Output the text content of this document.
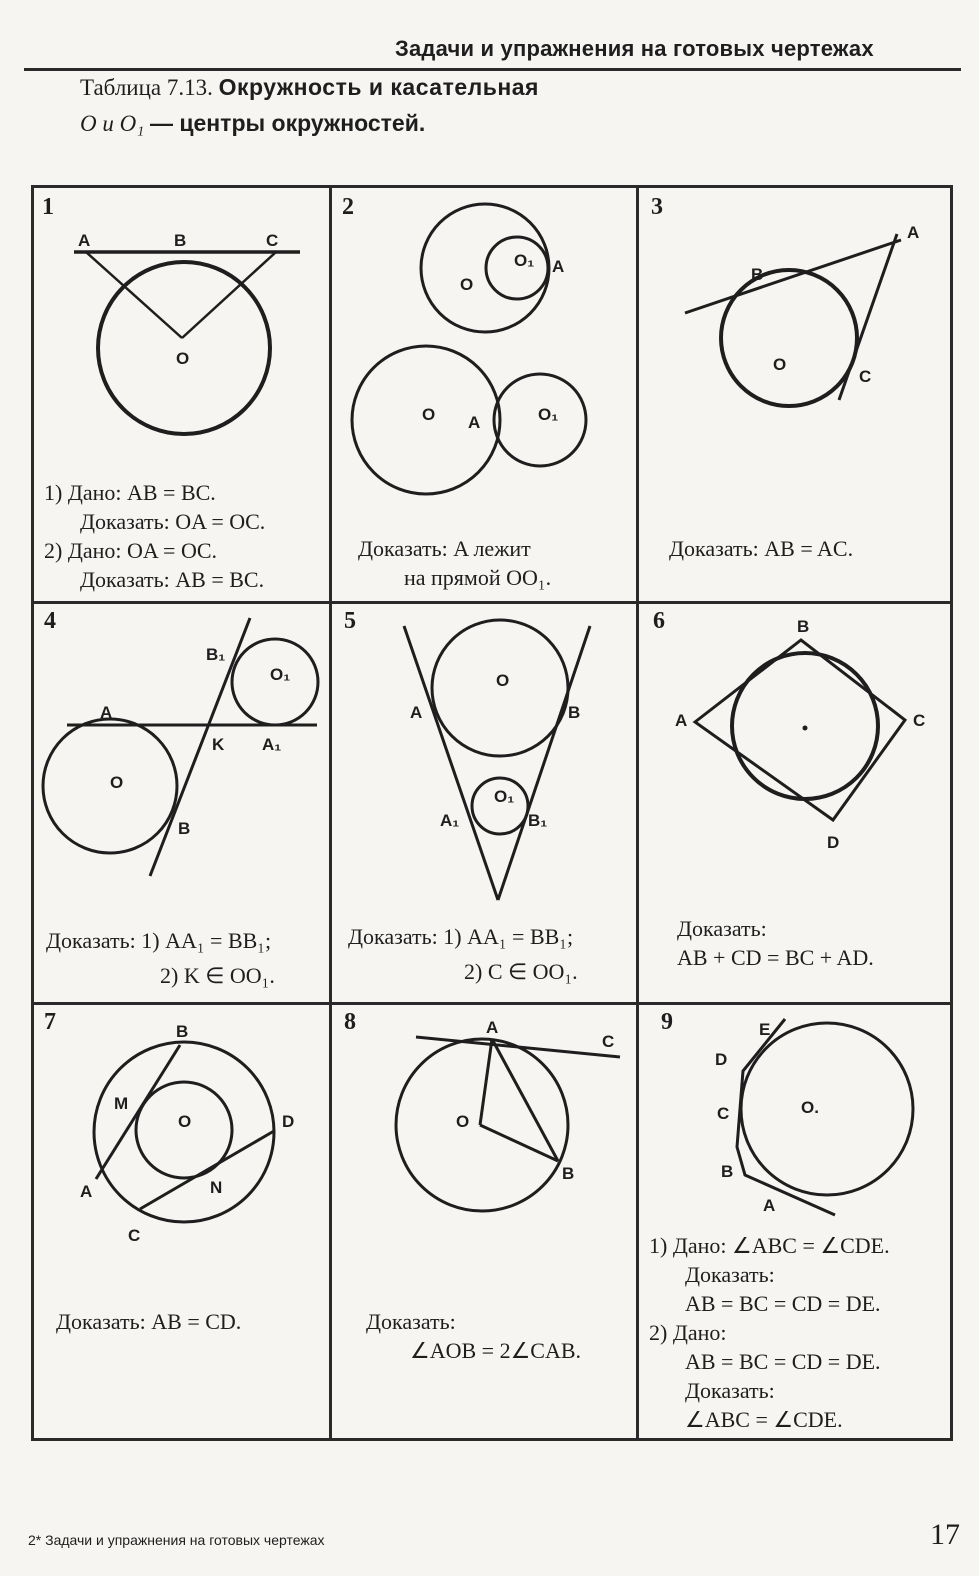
Задачи и упражнения на готовых чертежах
Таблица 7.13. Окружность и касательная
O и O₁ — центры окружностей.
1
A	B	C
O
1) Дано: AB = BC.
Доказать: OA = OC.
2) Дано: OA = OC.
Доказать: AB = BC.
2
O
O₁ A
O A	O₁
Доказать: A лежит
на прямой OO₁.
3
A
B
O
C
Доказать: AB = AC.
4
B₁
O₁
A
K A₁
O
B
Доказать: 1) AA₁ = BB₁;
2) K ∈ OO₁.
5
O
A	B
O₁
A₁	B₁
Доказать: 1) AA₁ = BB₁;
2) C ∈ OO₁.
6	B
A	C
D
Доказать:
AB + CD = BC + AD.
7	B
M
O	D
A	N
C
Доказать: AB = CD.
8	A
C
O
B
Доказать:
∠AOB = 2∠CAB.
9	E
D
C	O.
B
A
1) Дано: ∠ABC = ∠CDE.
Доказать:
AB = BC = CD = DE.
2) Дано:
AB = BC = CD = DE.
Доказать:
∠ABC = ∠CDE.
2* Задачи и упражнения на готовых чертежах	17
